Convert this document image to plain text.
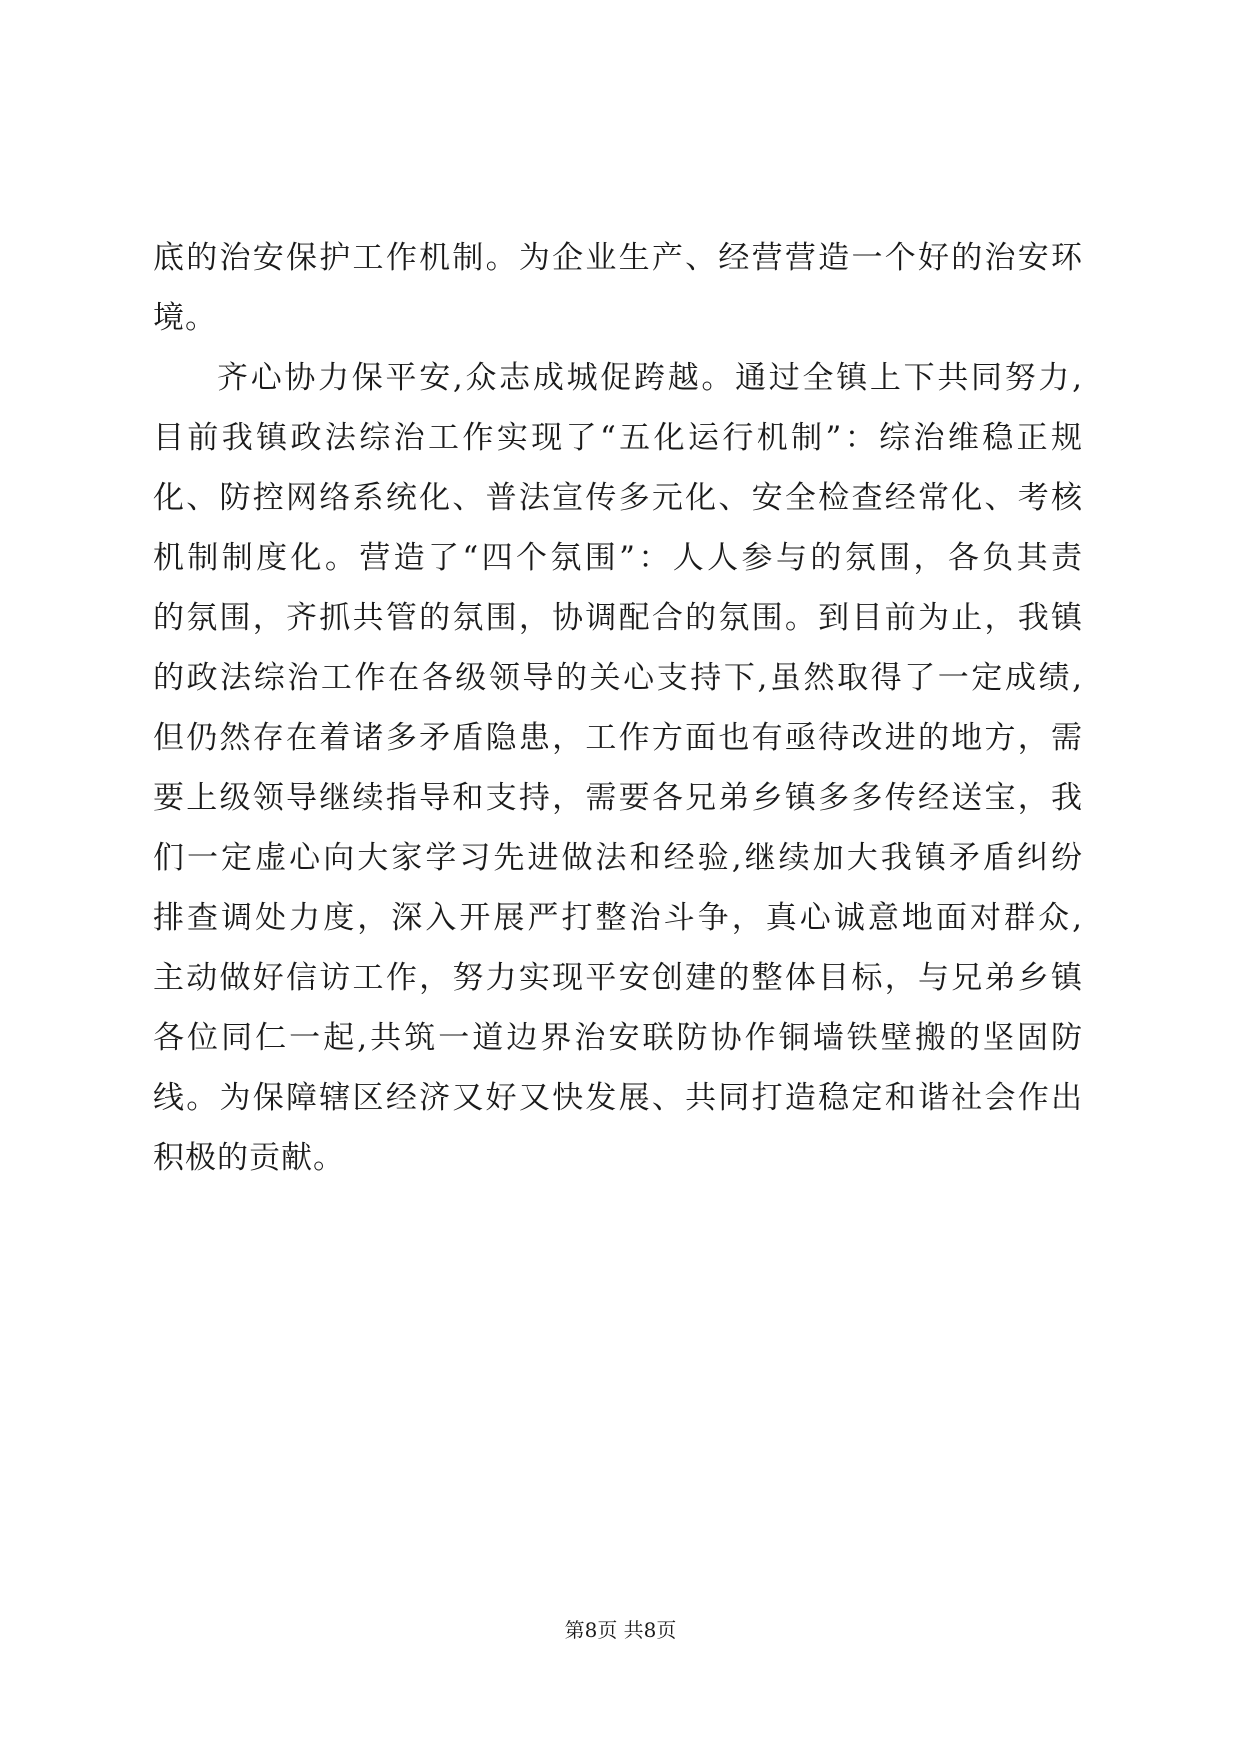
底的治安保护工作机制。为企业生产、经营营造一个好的治安环
境。
齐心协力保平安,众志成城促跨越。通过全镇上下共同努力,
目前我镇政法综治工作实现了“五化运行机制”：综治维稳正规
化、防控网络系统化、普法宣传多元化、安全检查经常化、考核
机制制度化。营造了“四个氛围”：人人参与的氛围，各负其责
的氛围，齐抓共管的氛围，协调配合的氛围。到目前为止，我镇
的政法综治工作在各级领导的关心支持下,虽然取得了一定成绩,
但仍然存在着诸多矛盾隐患，工作方面也有亟待改进的地方，需
要上级领导继续指导和支持，需要各兄弟乡镇多多传经送宝，我
们一定虚心向大家学习先进做法和经验,继续加大我镇矛盾纠纷
排查调处力度，深入开展严打整治斗争，真心诚意地面对群众,
主动做好信访工作，努力实现平安创建的整体目标，与兄弟乡镇
各位同仁一起,共筑一道边界治安联防协作铜墙铁壁搬的坚固防
线。为保障辖区经济又好又快发展、共同打造稳定和谐社会作出
积极的贡献。
第8页 共8页
